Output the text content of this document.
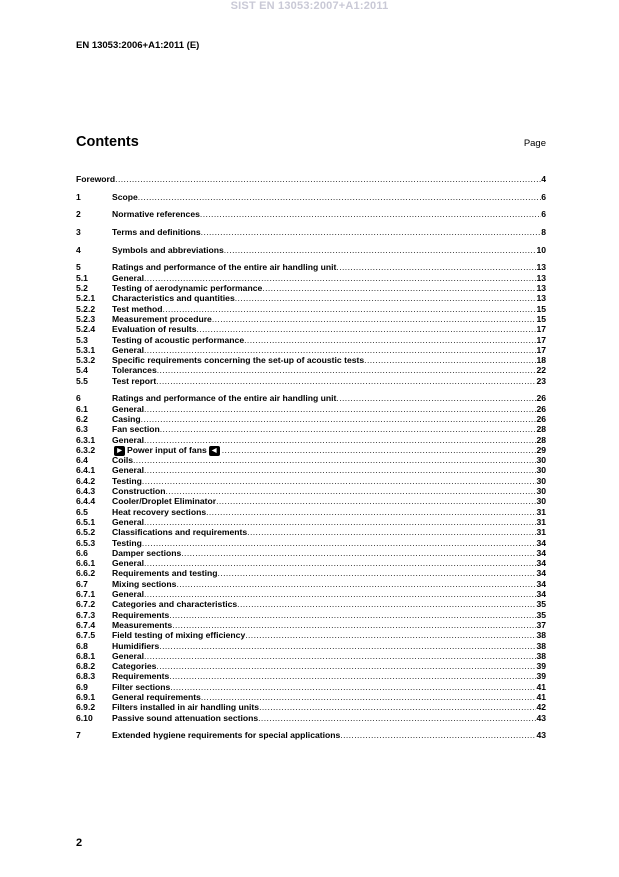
SIST EN 13053:2007+A1:2011
EN 13053:2006+A1:2011 (E)
Contents	Page
Foreword .....	4
1	Scope .....	6
2	Normative references .....	6
3	Terms and definitions .....	8
4	Symbols and abbreviations .....	10
5	Ratings and performance of the entire air handling unit .....	13
5.1	General .....	13
5.2	Testing of aerodynamic performance .....	13
5.2.1	Characteristics and quantities .....	13
5.2.2	Test method .....	15
5.2.3	Measurement procedure .....	15
5.2.4	Evaluation of results .....	17
5.3	Testing of acoustic performance .....	17
5.3.1	General .....	17
5.3.2	Specific requirements concerning the set-up of acoustic tests .....	18
5.4	Tolerances .....	22
5.5	Test report .....	23
6	Ratings and performance of the entire air handling unit .....	26
6.1	General .....	26
6.2	Casing .....	26
6.3	Fan section .....	28
6.3.1	General .....	28
6.3.2	▶ Power input of fans ◀ .....	29
6.4	Coils .....	30
6.4.1	General .....	30
6.4.2	Testing .....	30
6.4.3	Construction .....	30
6.4.4	Cooler/Droplet Eliminator .....	30
6.5	Heat recovery sections .....	31
6.5.1	General .....	31
6.5.2	Classifications and requirements .....	31
6.5.3	Testing .....	34
6.6	Damper sections .....	34
6.6.1	General .....	34
6.6.2	Requirements and testing .....	34
6.7	Mixing sections .....	34
6.7.1	General .....	34
6.7.2	Categories and characteristics .....	35
6.7.3	Requirements .....	35
6.7.4	Measurements .....	37
6.7.5	Field testing of mixing efficiency .....	38
6.8	Humidifiers .....	38
6.8.1	General .....	38
6.8.2	Categories .....	39
6.8.3	Requirements .....	39
6.9	Filter sections .....	41
6.9.1	General requirements .....	41
6.9.2	Filters installed in air handling units .....	42
6.10	Passive sound attenuation sections .....	43
7	Extended hygiene requirements for special applications .....	43
2
